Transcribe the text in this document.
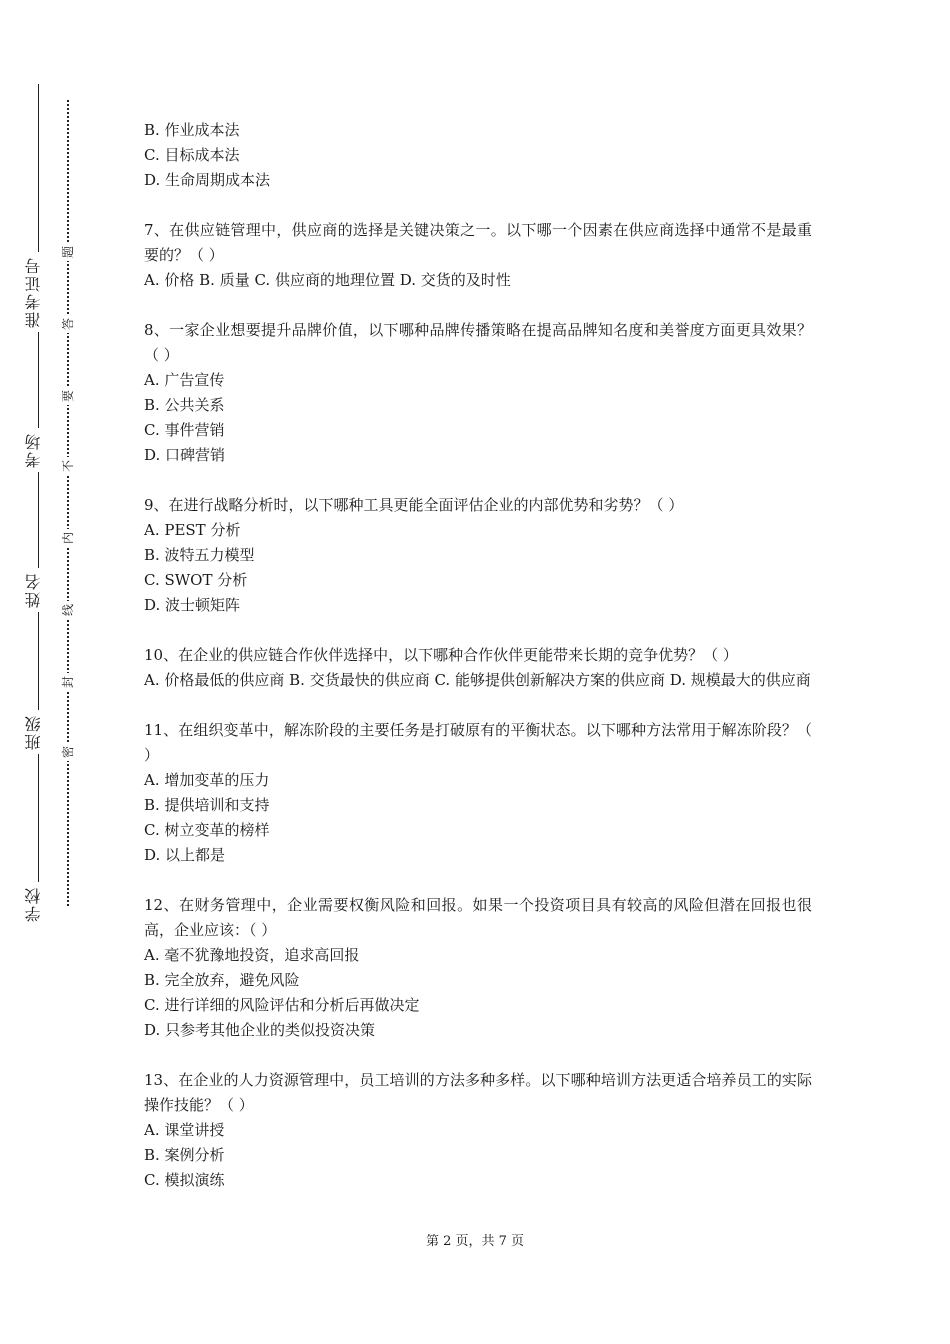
准考证号
考场
姓名
班级
学校
题
答
要
不
内
线
封
密

B. 作业成本法

C. 目标成本法

D. 生命周期成本法

7、在供应链管理中，供应商的选择是关键决策之一。以下哪一个因素在供应商选择中通常不是最重要的？（ ）

A. 价格 B. 质量 C. 供应商的地理位置 D. 交货的及时性

8、一家企业想要提升品牌价值，以下哪种品牌传播策略在提高品牌知名度和美誉度方面更具效果？（ ）

A. 广告宣传

B. 公共关系

C. 事件营销

D. 口碑营销

9、在进行战略分析时，以下哪种工具更能全面评估企业的内部优势和劣势？（ ）

A. PEST 分析

B. 波特五力模型

C. SWOT 分析

D. 波士顿矩阵

10、在企业的供应链合作伙伴选择中，以下哪种合作伙伴更能带来长期的竞争优势？（ ）

A. 价格最低的供应商 B. 交货最快的供应商 C. 能够提供创新解决方案的供应商 D. 规模最大的供应商

11、在组织变革中，解冻阶段的主要任务是打破原有的平衡状态。以下哪种方法常用于解冻阶段？（ ）

A. 增加变革的压力

B. 提供培训和支持

C. 树立变革的榜样

D. 以上都是

12、在财务管理中，企业需要权衡风险和回报。如果一个投资项目具有较高的风险但潜在回报也很高，企业应该：（ ）

A. 毫不犹豫地投资，追求高回报

B. 完全放弃，避免风险

C. 进行详细的风险评估和分析后再做决定

D. 只参考其他企业的类似投资决策

13、在企业的人力资源管理中，员工培训的方法多种多样。以下哪种培训方法更适合培养员工的实际操作技能？（ ）

A. 课堂讲授

B. 案例分析

C. 模拟演练

第 2 页，共 7 页
